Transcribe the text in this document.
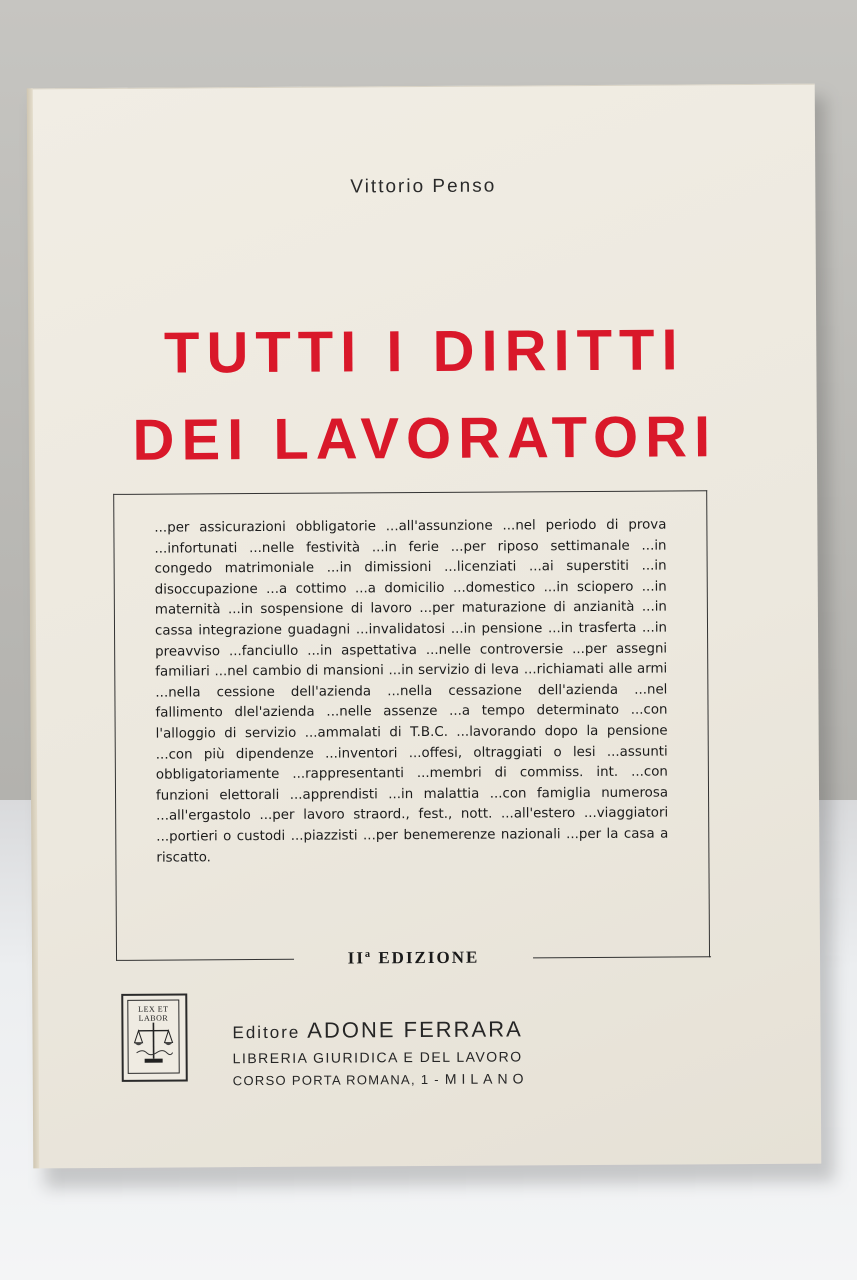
Vittorio Penso
TUTTI I DIRITTI
DEI LAVORATORI
...per assicurazioni obbligatorie ...all'assunzione ...nel periodo di prova ...infortunati ...nelle festività ...in ferie ...per riposo settimanale ...in congedo matrimoniale ...in dimissioni ...licenziati ...ai superstiti ...in disoccupazione ...a cottimo ...a domicilio ...domestico ...in sciopero ...in maternità ...in sospensione di lavoro ...per maturazione di anzianità ...in cassa integrazione guadagni ...invalidatosi ...in pensione ...in trasferta ...in preavviso ...fanciullo ...in aspettativa ...nelle controversie ...per assegni familiari ...nel cambio di mansioni ...in servizio di leva ...richiamati alle armi ...nella cessione dell'azienda ...nella cessazione dell'azienda ...nel fallimento dlel'azienda ...nelle assenze ...a tempo determinato ...con l'alloggio di servizio ...ammalati di T.B.C. ...lavorando dopo la pensione ...con più dipendenze ...inventori ...offesi, oltraggiati o lesi ...assunti obbligatoriamente ...rappresentanti ...membri di commiss. int. ...con funzioni elettorali ...apprendisti ...in malattia ...con famiglia numerosa ...all'ergastolo ...per lavoro straord., fest., nott. ...all'estero ...viaggiatori ...portieri o custodi ...piazzisti ...per benemerenze nazionali ...per la casa a riscatto.
IIª EDIZIONE
LEX ET LABOR
Editore ADONE FERRARA
LIBRERIA GIURIDICA E DEL LAVORO
CORSO PORTA ROMANA, 1 - MILANO
